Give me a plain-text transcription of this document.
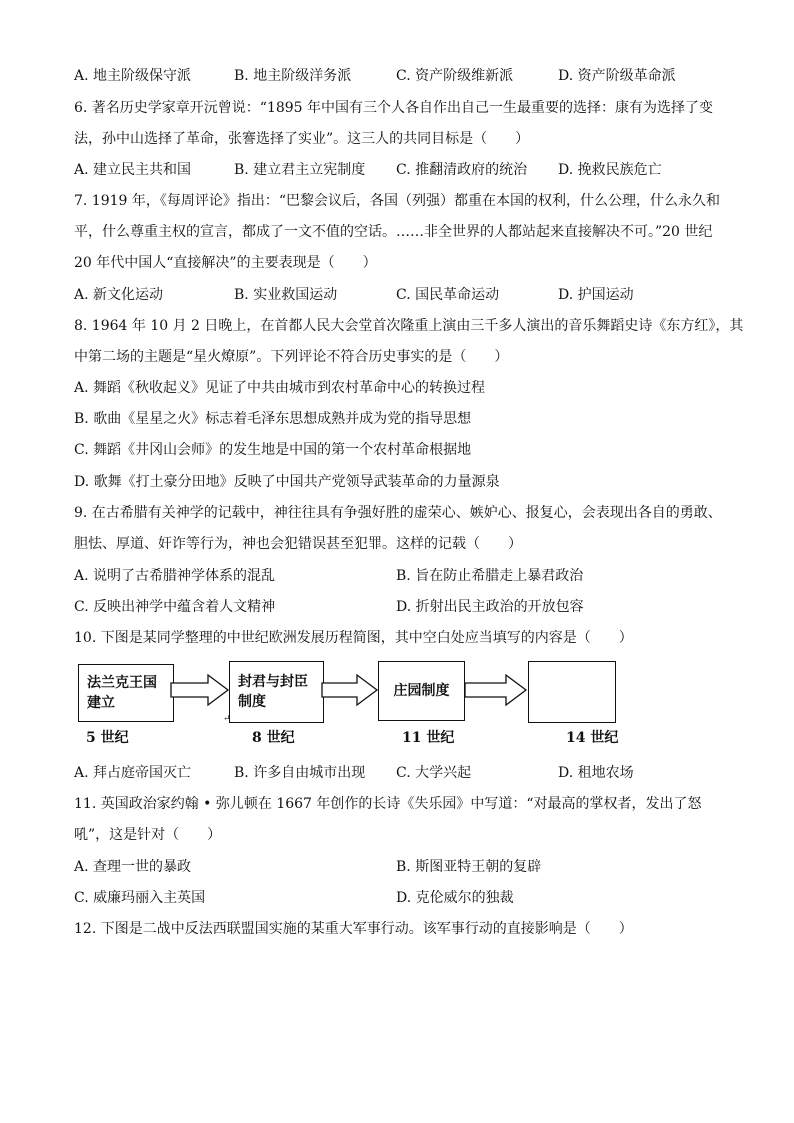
A. 地主阶级保守派	B. 地主阶级洋务派	C. 资产阶级维新派	D. 资产阶级革命派
6. 著名历史学家章开沅曾说：“1895 年中国有三个人各自作出自己一生最重要的选择：康有为选择了变
法，孙中山选择了革命，张謇选择了实业”。这三人的共同目标是（　　）
A. 建立民主共和国	B. 建立君主立宪制度 C. 推翻清政府的统治 D. 挽救民族危亡
7. 1919 年，《每周评论》指出：“巴黎会议后，各国（列强）都重在本国的权利，什么公理，什么永久和
平，什么尊重主权的宣言，都成了一文不值的空话。……非全世界的人都站起来直接解决不可。”20 世纪
20 年代中国人“直接解决”的主要表现是（　　）
A. 新文化运动	B. 实业救国运动	C. 国民革命运动	D. 护国运动
8. 1964 年 10 月 2 日晚上，在首都人民大会堂首次隆重上演由三千多人演出的音乐舞蹈史诗《东方红》，其
中第二场的主题是“星火燎原”。下列评论不符合历史事实的是（　　）
A. 舞蹈《秋收起义》见证了中共由城市到农村革命中心的转换过程
B. 歌曲《星星之火》标志着毛泽东思想成熟并成为党的指导思想
C. 舞蹈《井冈山会师》的发生地是中国的第一个农村革命根据地
D. 歌舞《打土豪分田地》反映了中国共产党领导武装革命的力量源泉
9. 在古希腊有关神学的记载中，神往往具有争强好胜的虚荣心、嫉妒心、报复心，会表现出各自的勇敢、
胆怯、厚道、奸诈等行为，神也会犯错误甚至犯罪。这样的记载（　　）
A. 说明了古希腊神学体系的混乱	B. 旨在防止希腊走上暴君政治
C. 反映出神学中蕴含着人文精神	D. 折射出民主政治的开放包容
10. 下图是某同学整理的中世纪欧洲发展历程简图，其中空白处应当填写的内容是（　　）
法兰克王国建立
封君与封臣制度
庄园制度
↵
5 世纪	8 世纪	11 世纪	14 世纪
A. 拜占庭帝国灭亡	B. 许多自由城市出现 C. 大学兴起	D. 租地农场
11. 英国政治家约翰 • 弥儿顿在 1667 年创作的长诗《失乐园》中写道：“对最高的掌权者，发出了怒
吼”，这是针对（　　）
A. 查理一世的暴政	B. 斯图亚特王朝的复辟
C. 威廉玛丽入主英国	D. 克伦威尔的独裁
12. 下图是二战中反法西联盟国实施的某重大军事行动。该军事行动的直接影响是（　　）
